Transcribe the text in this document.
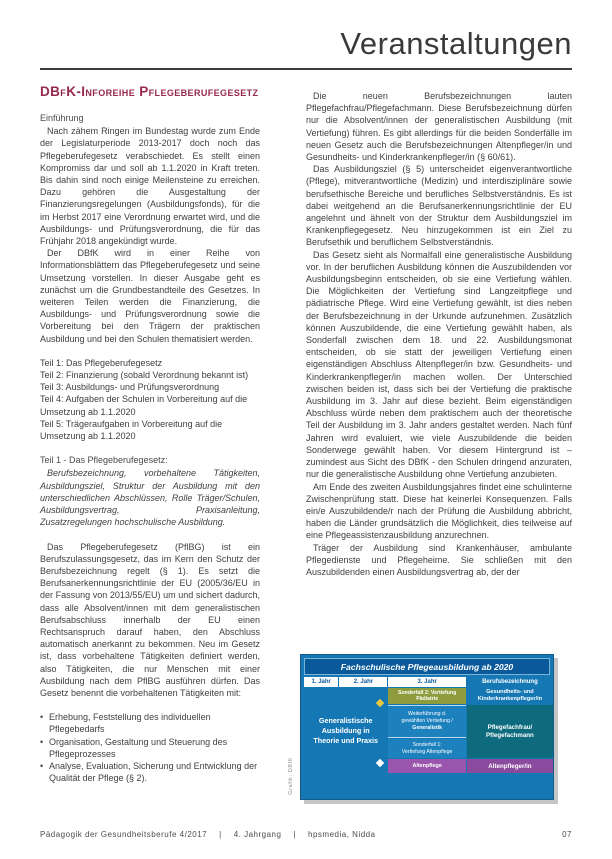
Veranstaltungen
DBfK-Inforeihe Pflegeberufegesetz
Einführung

Nach zähem Ringen im Bundestag wurde zum Ende der Legislaturperiode 2013-2017 doch noch das Pflegeberufegesetz verabschiedet. Es stellt einen Kompromiss dar und soll ab 1.1.2020 in Kraft treten. Bis dahin sind noch einige Meilensteine zu erreichen. Dazu gehören die Ausgestaltung der Finanzierungsregelungen (Ausbildungsfonds), für die im Herbst 2017 eine Verordnung erwartet wird, und die Ausbildungs- und Prüfungsverordnung, die für das Frühjahr 2018 angekündigt wurde.

Der DBfK wird in einer Reihe von Informationsblättern das Pflegeberufegesetz und seine Umsetzung vorstellen. In dieser Ausgabe geht es zunächst um die Grundbestandteile des Gesetzes. In weiteren Teilen werden die Finanzierung, die Ausbildungs- und Prüfungsverordnung sowie die Vorbereitung bei den Trägern der praktischen Ausbildung und bei den Schulen thematisiert werden.

Teil 1: Das Pflegeberufegesetz
Teil 2: Finanzierung (sobald Verordnung bekannt ist)
Teil 3: Ausbildungs- und Prüfungsverordnung
Teil 4: Aufgaben der Schulen in Vorbereitung auf die Umsetzung ab 1.1.2020
Teil 5: Trägeraufgaben in Vorbereitung auf die Umsetzung ab 1.1.2020
Teil 1 - Das Pflegeberufegesetz:

Berufsbezeichnung, vorbehaltene Tätigkeiten, Ausbildungsziel, Struktur der Ausbildung mit den unterschiedlichen Abschlüssen, Rolle Träger/Schulen, Ausbildungsvertrag, Praxisanleitung, Zusatzregelungen hochschulische Ausbildung.

Das Pflegeberufegesetz (PflBG) ist ein Berufszulassungsgesetz, das im Kern den Schutz der Berufsbezeichnung regelt (§ 1). Es setzt die Berufsanerkennungsrichtlinie der EU (2005/36/EU in der Fassung von 2013/55/EU) um und sichert dadurch, dass alle Absolvent/innen mit dem generalistischen Berufsabschluss innerhalb der EU einen Rechtsanspruch darauf haben, den Abschluss automatisch anerkannt zu bekommen. Neu im Gesetz ist, dass vorbehaltene Tätigkeiten definiert werden, also Tätigkeiten, die nur Menschen mit einer Ausbildung nach dem PflBG ausführen dürfen. Das Gesetz benennt die vorbehaltenen Tätigkeiten mit:

• Erhebung, Feststellung des individuellen Pflegebedarfs
• Organisation, Gestaltung und Steuerung des Pflegeprozesses
• Analyse, Evaluation, Sicherung und Entwicklung der Qualität der Pflege (§ 2).

Die neuen Berufsbezeichnungen lauten Pflegefachfrau/Pflegefachmann. Diese Berufsbezeichnung dürfen nur die Absolvent/innen der generalistischen Ausbildung (mit Vertiefung) führen. Es gibt allerdings für die beiden Sonderfälle im neuen Gesetz auch die Berufsbezeichnungen Altenpfleger/in und Gesundheits- und Kinderkrankenpfleger/in (§ 60/61).

Das Ausbildungsziel (§ 5) unterscheidet eigenverantwortliche (Pflege), mitverantwortliche (Medizin) und interdisziplinäre sowie berufsethische Bereiche und berufliches Selbstverständnis. Es ist dabei weitgehend an die Berufsanerkennungsrichtlinie der EU angelehnt und ähnelt von der Struktur dem Ausbildungsziel im Krankenpflegegesetz. Neu hinzugekommen ist ein Ziel zu Berufsethik und beruflichem Selbstverständnis.

Das Gesetz sieht als Normalfall eine generalistische Ausbildung vor. In der beruflichen Ausbildung können die Auszubildenden vor Ausbildungsbeginn entscheiden, ob sie eine Vertiefung wählen. Die Möglichkeiten der Vertiefung sind Langzeitpflege und pädiatrische Pflege. Wird eine Vertiefung gewählt, ist dies neben der Berufsbezeichnung in der Urkunde aufzunehmen. Zusätzlich können Auszubildende, die eine Vertiefung gewählt haben, als Sonderfall zwischen dem 18. und 22. Ausbildungsmonat entscheiden, ob sie statt der jeweiligen Vertiefung einen eigenständigen Abschluss Altenpfleger/in bzw. Gesundheits- und Kinderkrankenpfleger/in machen wollen. Der Unterschied zwischen beiden ist, dass sich bei der Vertiefung die praktische Ausbildung im 3. Jahr auf diese bezieht. Beim eigenständigen Abschluss würde neben dem praktischem auch der theoretische Teil der Ausbildung im 3. Jahr anders gestaltet werden. Nach fünf Jahren wird evaluiert, wie viele Auszubildende die beiden Sonderwege gewählt haben. Vor diesem Hintergrund ist – zumindest aus Sicht des DBfK - den Schulen dringend anzuraten, nur die generalistische Ausbildung ohne Vertiefung anzubieten.

Am Ende des zweiten Ausbildungsjahres findet eine schulinterne Zwischenprüfung statt. Diese hat keinerlei Konsequenzen. Falls ein/e Auszubildende/r nach der Prüfung die Ausbildung abbricht, haben die Länder grundsätzlich die Möglichkeit, dies teilweise auf eine Pflegeassistenzausbildung anzurechnen.

Träger der Ausbildung sind Krankenhäuser, ambulante Pflegedienste und Pflegeheime. Sie schließen mit den Auszubildenden einen Ausbildungsvertrag ab, der der

Grafik: DBfK
Fachschulische Pflegeausbildung ab 2020
1. Jahr	2. Jahr	3. Jahr	Berufsbezeichnung
Generalistische Ausbildung in Theorie und Praxis
Sonderfall 2: Vertiefung Pädiatrie
Gesundheits- und Kinderkrankenpfleger/in
Weiterführung d.
gewählten Vertiefung /
Generalistik	Pflegefachfrau/ Pflegefachmann
Sonderfall 1:
Vertiefung Altenpflege
Altenpflege	Altenpfleger/in
Pädagogik der Gesundheitsberufe 4/2017 | 4. Jahrgang | hpsmedia, Nidda	07
